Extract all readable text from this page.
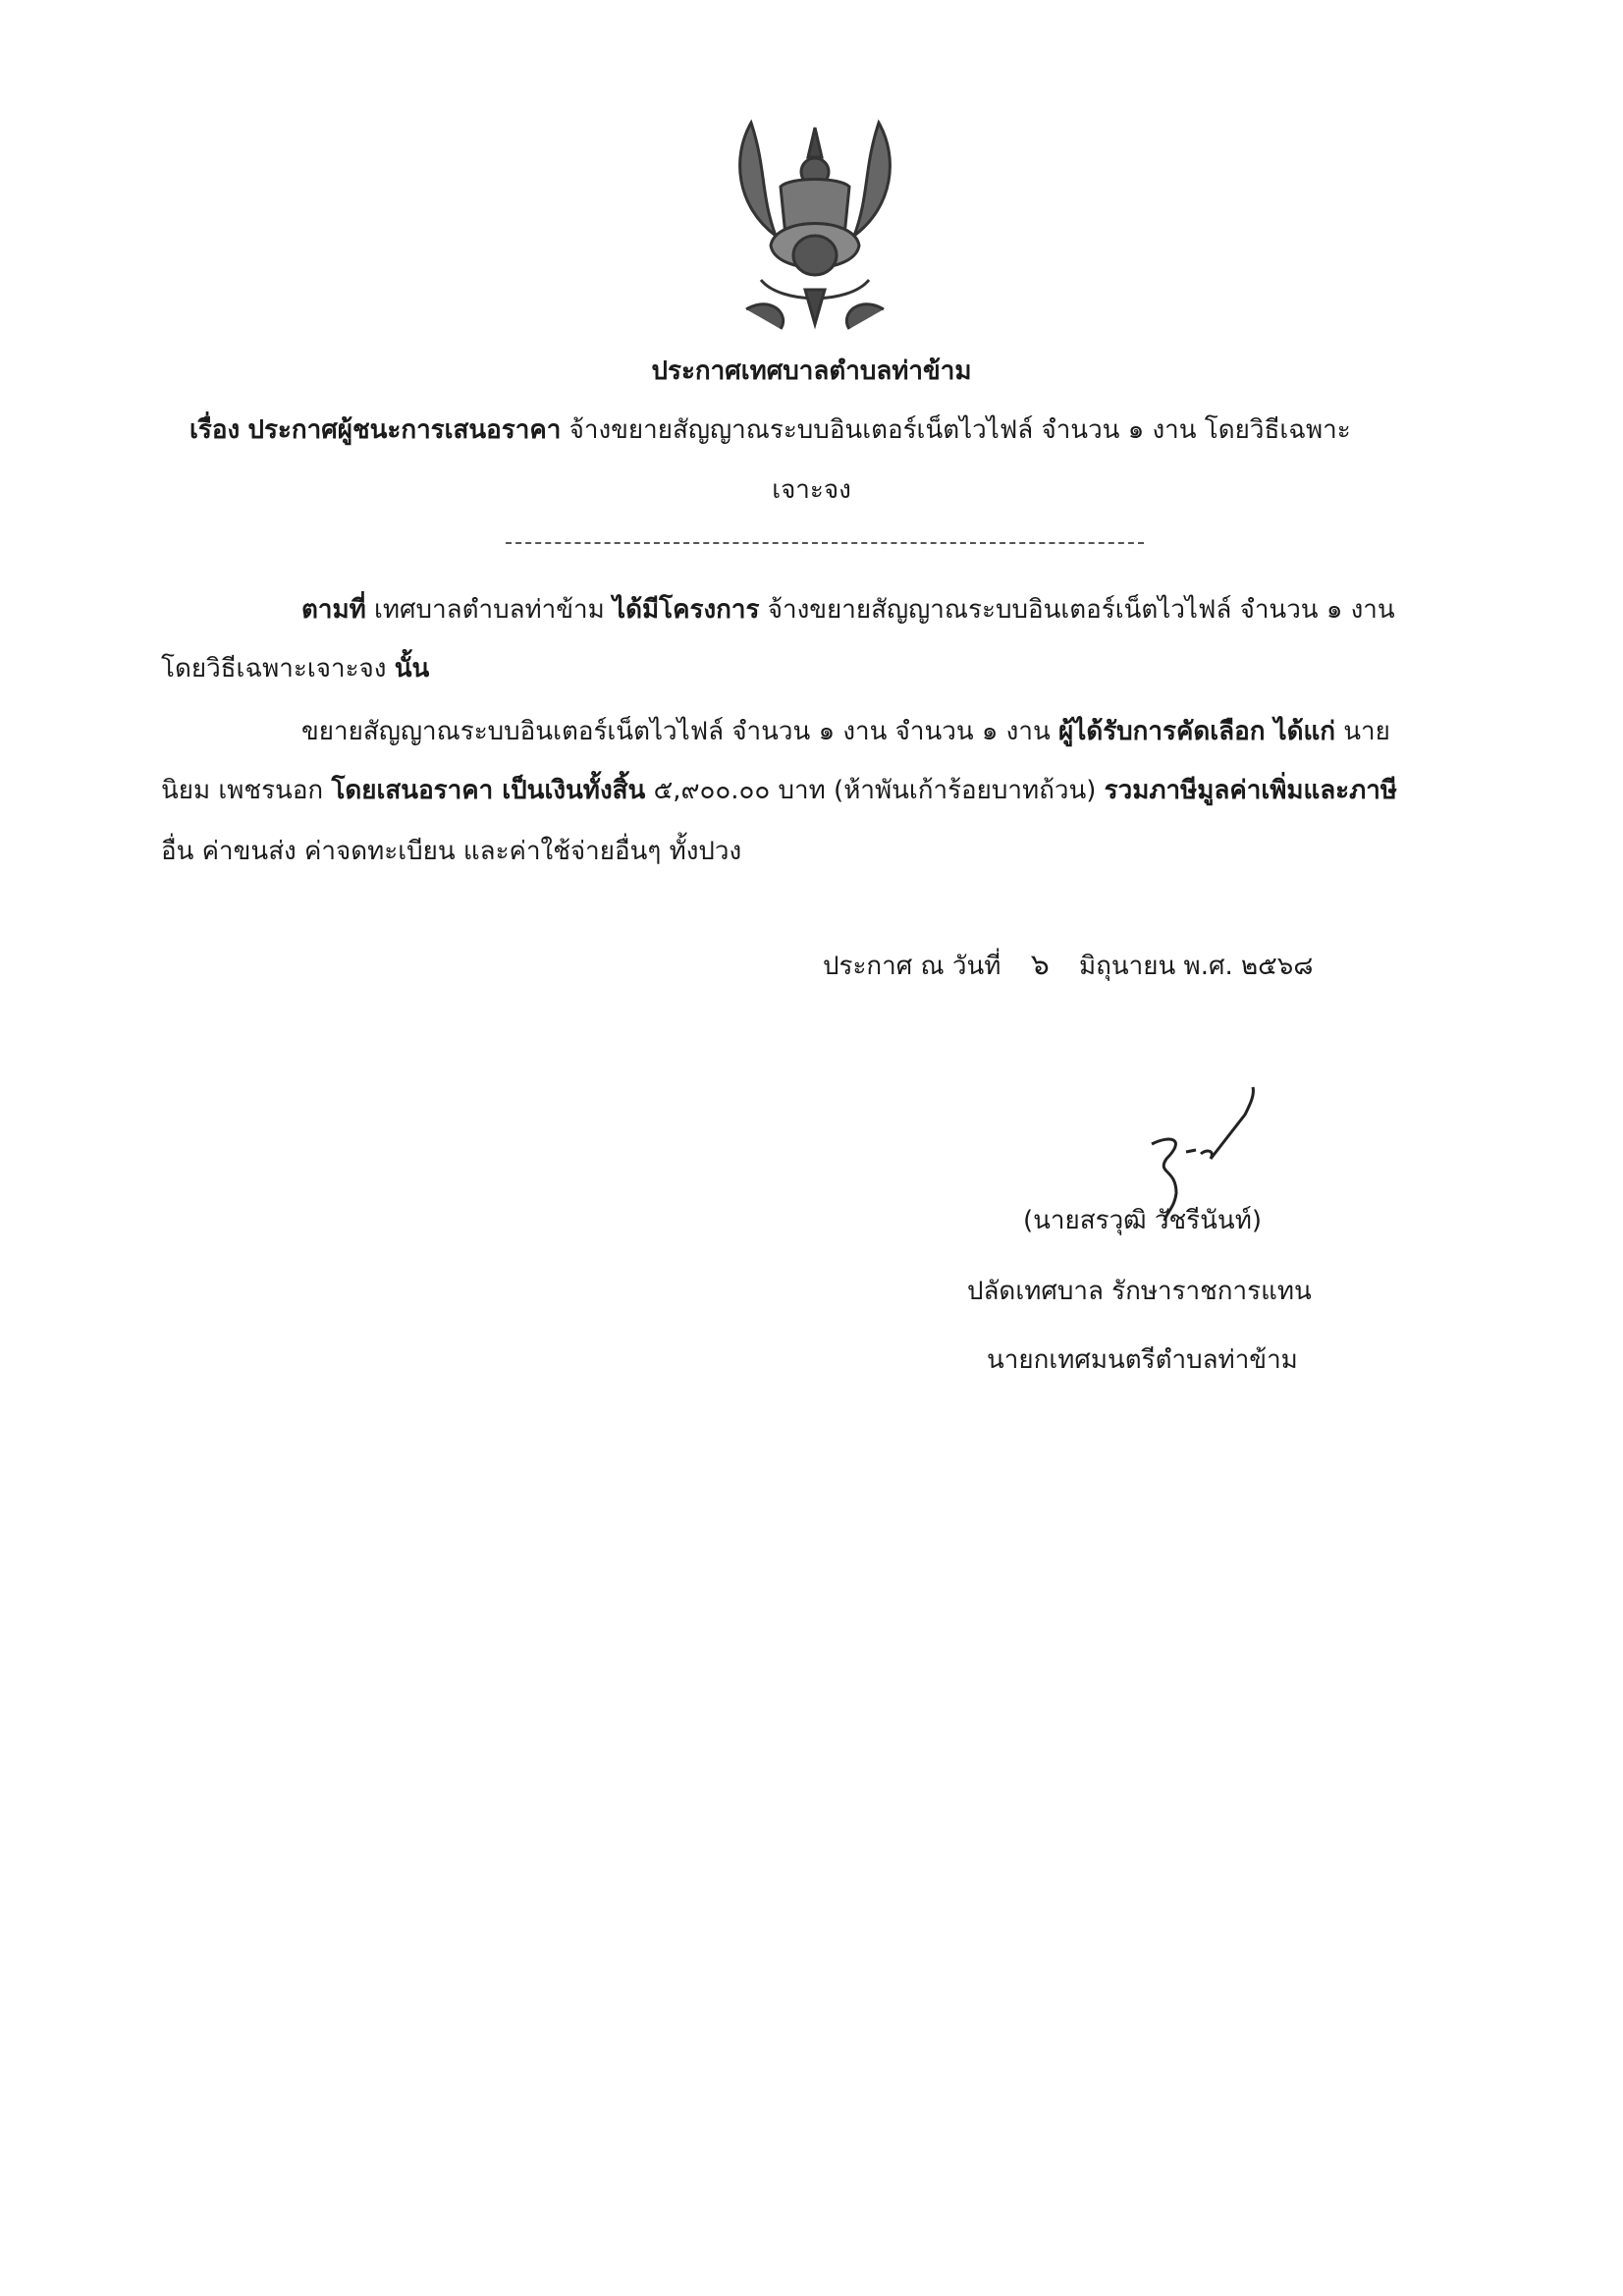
ประกาศเทศบาลตำบลท่าข้าม
เรื่อง ประกาศผู้ชนะการเสนอราคา จ้างขยายสัญญาณระบบอินเตอร์เน็ตไวไฟล์ จำนวน ๑ งาน โดยวิธีเฉพาะ
เจาะจง
ตามที่ เทศบาลตำบลท่าข้าม ได้มีโครงการ จ้างขยายสัญญาณระบบอินเตอร์เน็ตไวไฟล์ จำนวน ๑ งาน
โดยวิธีเฉพาะเจาะจง นั้น
ขยายสัญญาณระบบอินเตอร์เน็ตไวไฟล์ จำนวน ๑ งาน จำนวน ๑ งาน ผู้ได้รับการคัดเลือก ได้แก่ นาย
นิยม เพชรนอก โดยเสนอราคา เป็นเงินทั้งสิ้น ๕,๙๐๐.๐๐ บาท (ห้าพันเก้าร้อยบาทถ้วน) รวมภาษีมูลค่าเพิ่มและภาษี
อื่น ค่าขนส่ง ค่าจดทะเบียน และค่าใช้จ่ายอื่นๆ ทั้งปวง
ประกาศ ณ วันที่ ๖ มิถุนายน พ.ศ. ๒๕๖๘
(นายสรวุฒิ วัชรีนันท์)
ปลัดเทศบาล รักษาราชการแทน
นายกเทศมนตรีตำบลท่าข้าม
